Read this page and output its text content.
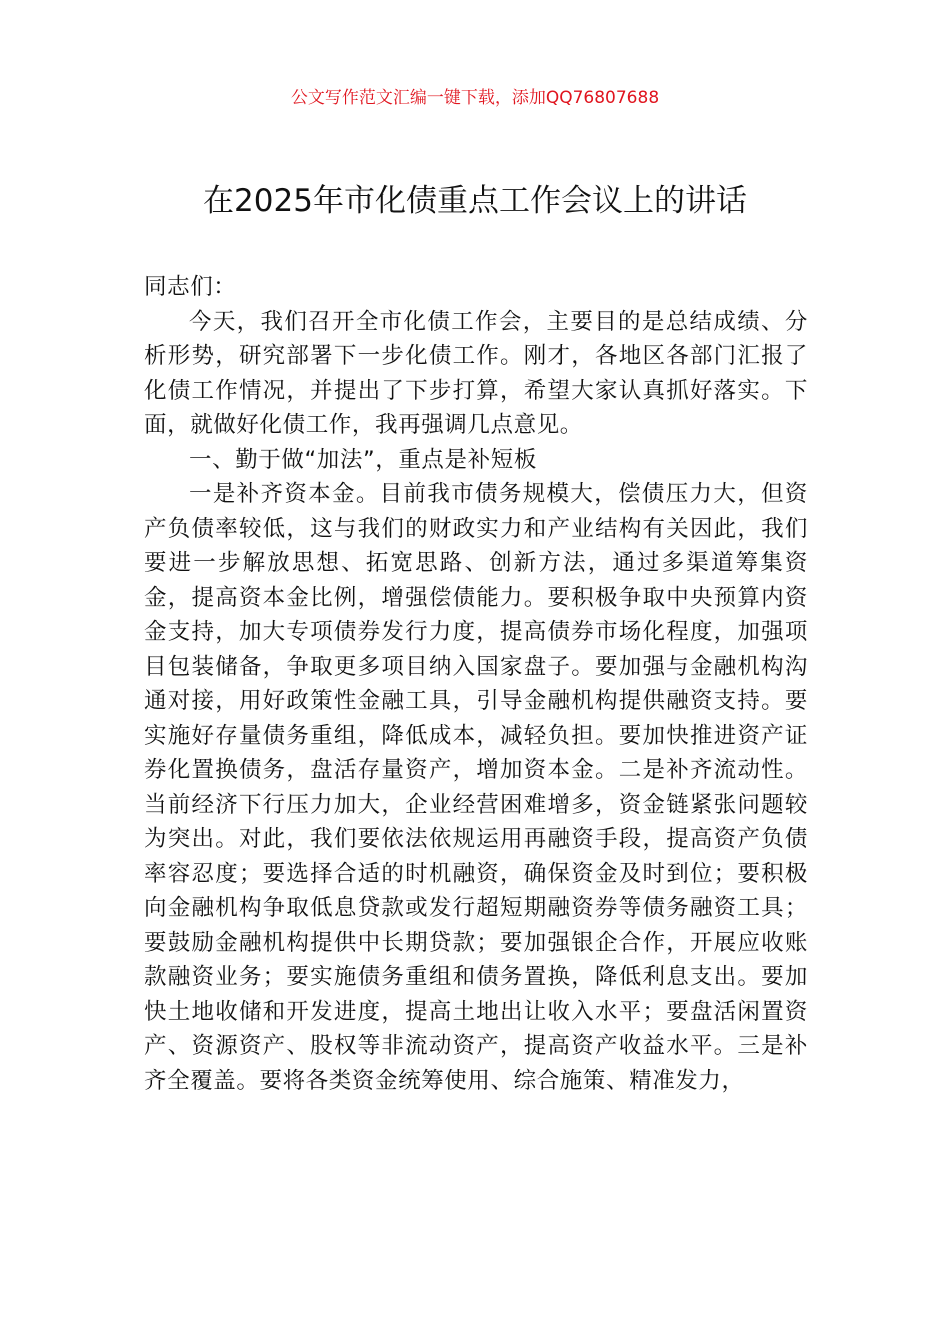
公文写作范文汇编一键下载，添加QQ76807688
在2025年市化债重点工作会议上的讲话

同志们：

今天，我们召开全市化债工作会，主要目的是总结成绩、分析形势，研究部署下一步化债工作。刚才，各地区各部门汇报了化债工作情况，并提出了下步打算，希望大家认真抓好落实。下面，就做好化债工作，我再强调几点意见。

一、勤于做“加法”，重点是补短板

一是补齐资本金。目前我市债务规模大，偿债压力大，但资产负债率较低，这与我们的财政实力和产业结构有关因此，我们要进一步解放思想、拓宽思路、创新方法，通过多渠道筹集资金，提高资本金比例，增强偿债能力。要积极争取中央预算内资金支持，加大专项债券发行力度，提高债券市场化程度，加强项目包装储备，争取更多项目纳入国家盘子。要加强与金融机构沟通对接，用好政策性金融工具，引导金融机构提供融资支持。要实施好存量债务重组，降低成本，减轻负担。要加快推进资产证券化置换债务，盘活存量资产，增加资本金。二是补齐流动性。当前经济下行压力加大，企业经营困难增多，资金链紧张问题较为突出。对此，我们要依法依规运用再融资手段，提高资产负债率容忍度；要选择合适的时机融资，确保资金及时到位；要积极向金融机构争取低息贷款或发行超短期融资券等债务融资工具；要鼓励金融机构提供中长期贷款；要加强银企合作，开展应收账款融资业务；要实施债务重组和债务置换，降低利息支出。要加快土地收储和开发进度，提高土地出让收入水平；要盘活闲置资产、资源资产、股权等非流动资产，提高资产收益水平。三是补齐全覆盖。要将各类资金统筹使用、综合施策、精准发力，
